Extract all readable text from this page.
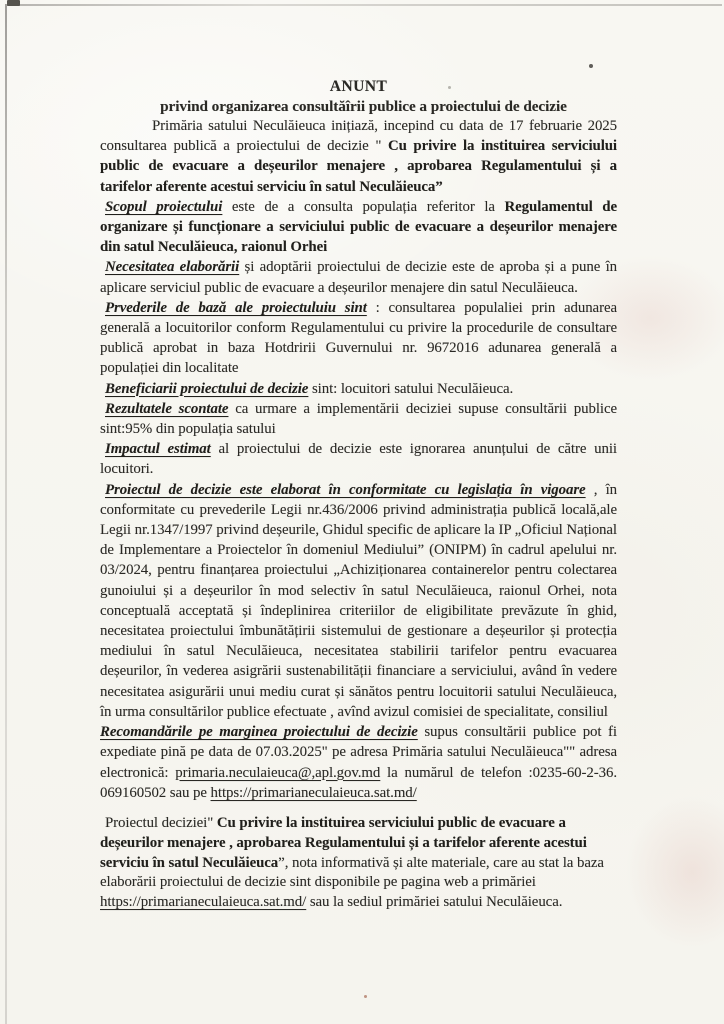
ANUNT

privind organizarea consultăîrii publice a proiectului de decizie

Primăria satului Neculăieuca inițiază, incepind cu data de 17 februarie 2025 consultarea publică a proiectului de decizie " Cu privire la instituirea serviciului public de evacuare a deșeurilor menajere , aprobarea Regulamentului și a tarifelor aferente acestui serviciu în satul Neculăieuca”

Scopul proiectului este de a consulta populația referitor la Regulamentul de organizare și funcționare a serviciului public de evacuare a deșeurilor menajere din satul Neculăieuca, raionul Orhei

Necesitatea elaborării și adoptării proiectului de decizie este de aproba și a pune în aplicare serviciul public de evacuare a deșeurilor menajere din satul Neculăieuca.

Prvederile de bază ale proiectuluiu sint : consultarea populaliei prin adunarea generală a locuitorilor conform Regulamentului cu privire la procedurile de consultare publică aprobat in baza Hotdririi Guvernului nr. 9672016 adunarea generală a populației din localitate

Beneficiarii proiectului de decizie sint: locuitori satului Neculăieuca.

Rezultatele scontate ca urmare a implementării deciziei supuse consultării publice sint:95% din populația satului

Impactul estimat al proiectului de decizie este ignorarea anunțului de către unii locuitori.

Proiectul de decizie este elaborat în conformitate cu legislația în vigoare , în conformitate cu prevederile Legii nr.436/2006 privind administrația publică locală,ale Legii nr.1347/1997 privind deșeurile, Ghidul specific de aplicare la IP „Oficiul Național de Implementare a Proiectelor în domeniul Mediului” (ONIPM) în cadrul apelului nr. 03/2024, pentru finanțarea proiectului „Achiziționarea containerelor pentru colectarea gunoiului și a deșeurilor în mod selectiv în satul Neculăieuca, raionul Orhei, nota conceptuală acceptată și îndeplinirea criteriilor de eligibilitate prevăzute în ghid, necesitatea proiectului îmbunătățirii sistemului de gestionare a deșeurilor și protecția mediului în satul Neculăieuca, necesitatea stabilirii tarifelor pentru evacuarea deșeurilor, în vederea asigrării sustenabilității financiare a serviciului, având în vedere necesitatea asigurării unui mediu curat și sănătos pentru locuitorii satului Neculăieuca, în urma consultărilor publice efectuate , avînd avizul comisiei de specialitate, consiliul

Recomandările pe marginea proiectului de decizie supus consultării publice pot fi expediate pină pe data de 07.03.2025" pe adresa Primăria satului Neculăieuca"" adresa electronică: primaria.neculaieuca@,apl.gov.md la numărul de telefon :0235-60-2-36. 069160502 sau pe https://primarianeculaieuca.sat.md/

Proiectul deciziei" Cu privire la instituirea serviciului public de evacuare a deșeurilor menajere , aprobarea Regulamentului și a tarifelor aferente acestui serviciu în satul Neculăieuca”, nota informativă și alte materiale, care au stat la baza elaborării proiectului de decizie sint disponibile pe pagina web a primăriei https://primarianeculaieuca.sat.md/ sau la sediul primăriei satului Neculăieuca.
